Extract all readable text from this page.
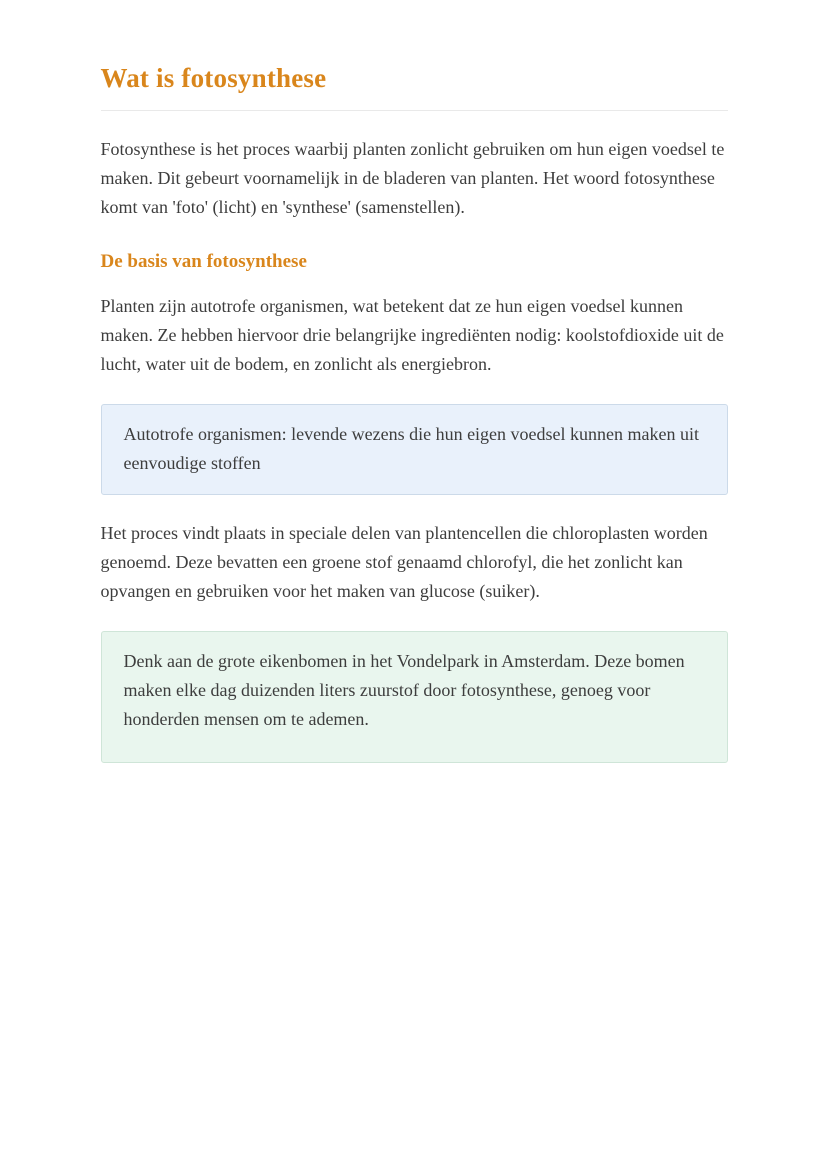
Wat is fotosynthese

Fotosynthese is het proces waarbij planten zonlicht gebruiken om hun eigen voedsel te maken. Dit gebeurt voornamelijk in de bladeren van planten. Het woord fotosynthese komt van 'foto' (licht) en 'synthese' (samenstellen).

De basis van fotosynthese

Planten zijn autotrofe organismen, wat betekent dat ze hun eigen voedsel kunnen maken. Ze hebben hiervoor drie belangrijke ingrediënten nodig: koolstofdioxide uit de lucht, water uit de bodem, en zonlicht als energiebron.

Autotrofe organismen: levende wezens die hun eigen voedsel kunnen maken uit eenvoudige stoffen

Het proces vindt plaats in speciale delen van plantencellen die chloroplasten worden genoemd. Deze bevatten een groene stof genaamd chlorofyl, die het zonlicht kan opvangen en gebruiken voor het maken van glucose (suiker).

Denk aan de grote eikenbomen in het Vondelpark in Amsterdam. Deze bomen maken elke dag duizenden liters zuurstof door fotosynthese, genoeg voor honderden mensen om te ademen.
